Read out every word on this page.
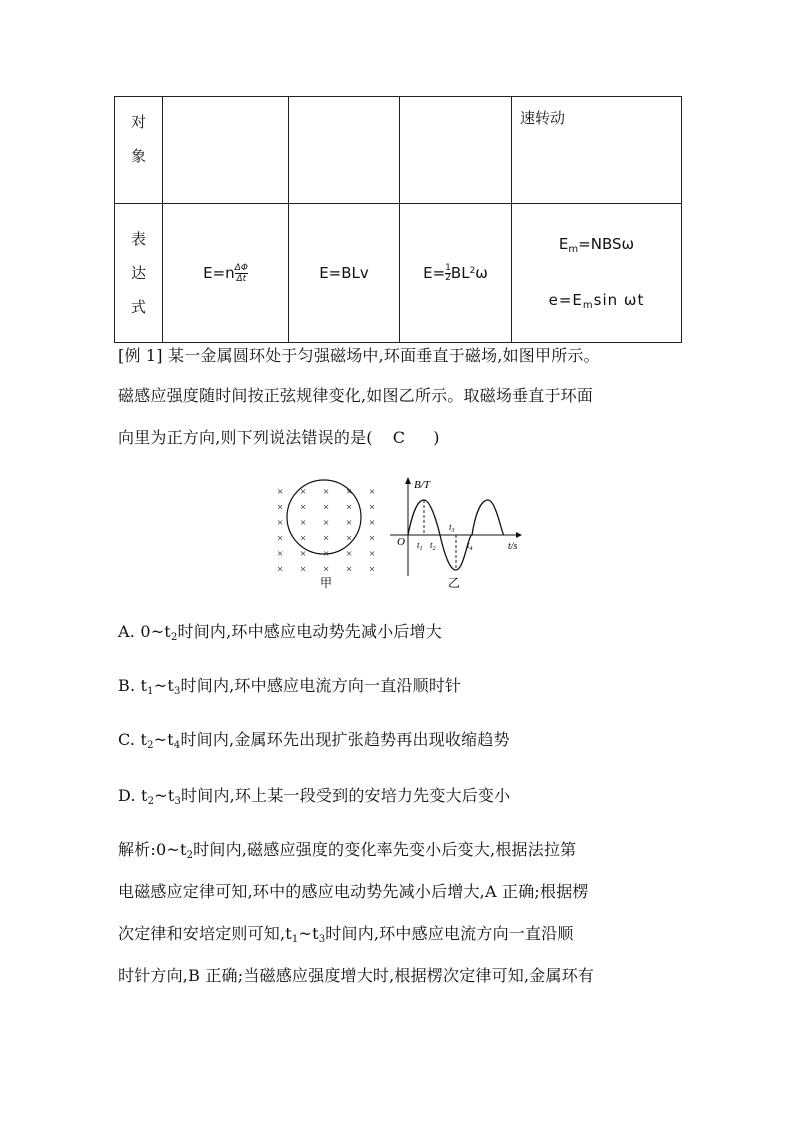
对
象				速转动

表
达
式	$E=n \frac{\Delta\Phi}{\Delta t}$	E=BLv	$E= \frac{1}{2} BL^2\omega$	$E_m=NBS\omega$
$e=E_m\sin$ ωt
[例 1] 某一金属圆环处于匀强磁场中,环面垂直于磁场,如图甲所示。
磁感应强度随时间按正弦规律变化,如图乙所示。取磁场垂直于环面
向里为正方向,则下列说法错误的是( C )
× × × × ×
× × × × ×
× × × × ×
× × × × ×
× × × × ×
× × × × ×
甲
B/T
O	t/s
$t_1$ $t_2$
$t_3$
$t_4$
乙
A. $0\sim t_2$时间内,环中感应电动势先减小后增大
B. $t_1\sim t_3$时间内,环中感应电流方向一直沿顺时针
C. $t_2\sim t_4$时间内,金属环先出现扩张趋势再出现收缩趋势
D. $t_2\sim t_3$时间内,环上某一段受到的安培力先变大后变小
解析$:0\sim t_2$时间内,磁感应强度的变化率先变小后变大,根据法拉第
电磁感应定律可知,环中的感应电动势先减小后增大,A 正确;根据楞
次定律和安培定则可知$,t_1\sim t_3$时间内,环中感应电流方向一直沿顺
时针方向,B 正确;当磁感应强度增大时,根据楞次定律可知,金属环有
